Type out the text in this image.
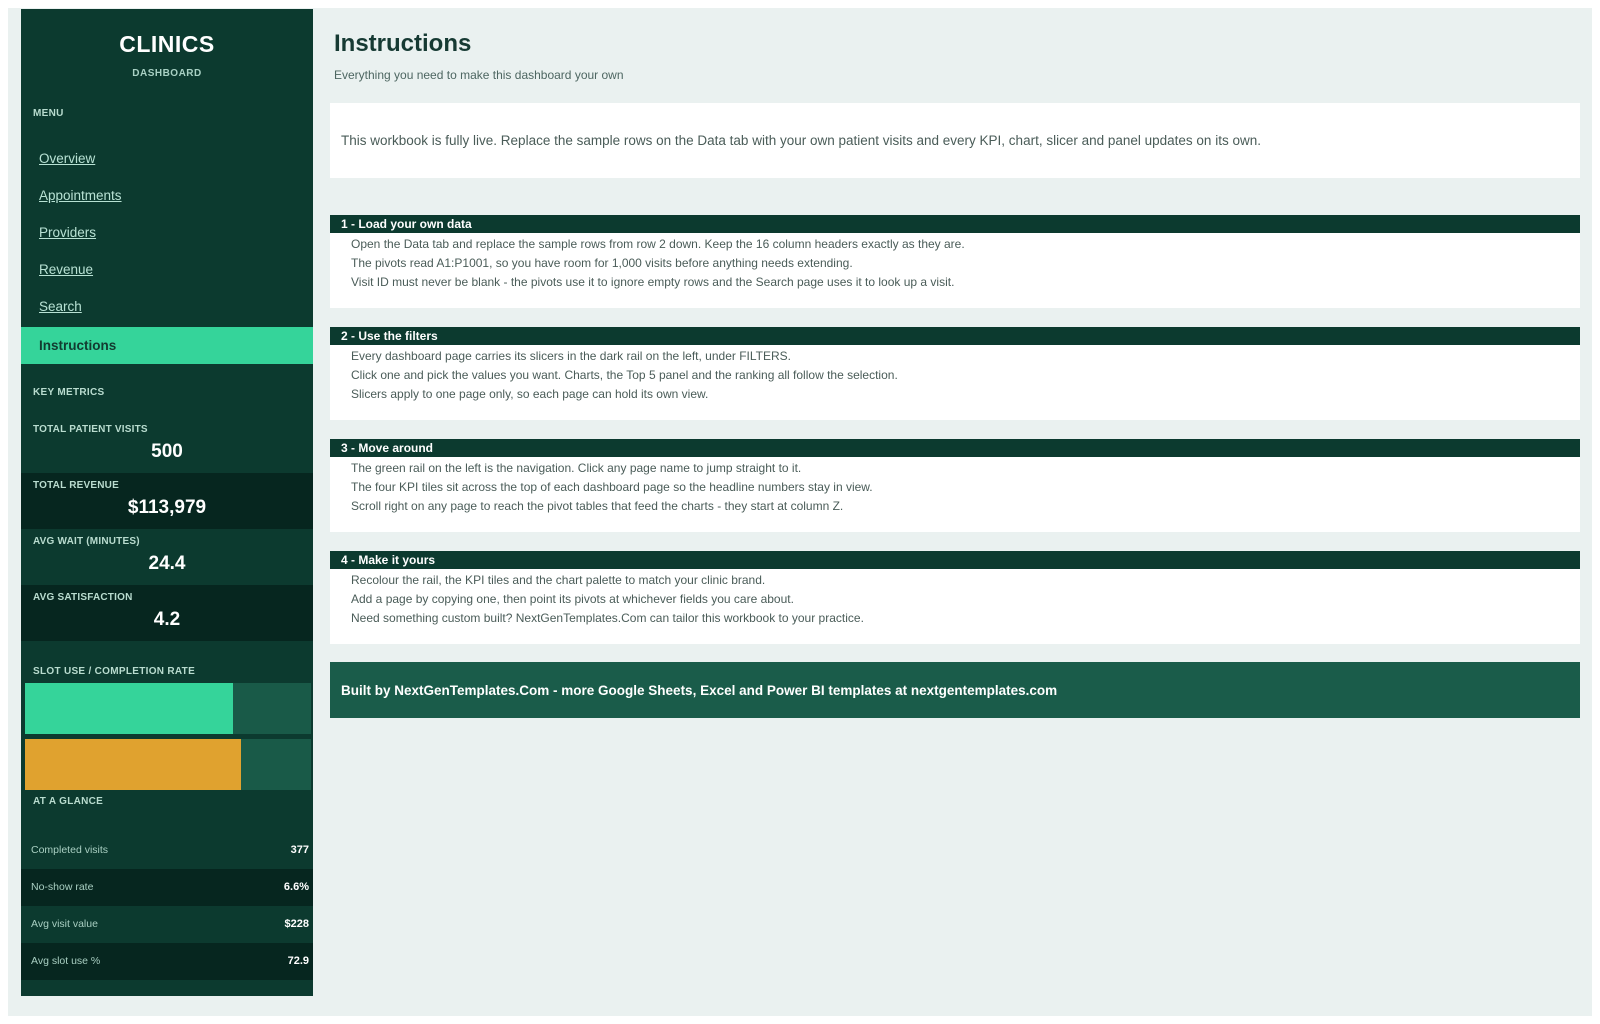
CLINICS
DASHBOARD
MENU
Overview
Appointments
Providers
Revenue
Search
Instructions
KEY METRICS
TOTAL PATIENT VISITS
500
TOTAL REVENUE
$113,979
AVG WAIT (MINUTES)
24.4
AVG SATISFACTION
4.2
SLOT USE / COMPLETION RATE
AT A GLANCE
Completed visits	377
No-show rate	6.6%
Avg visit value	$228
Avg slot use %	72.9
Instructions
Everything you need to make this dashboard your own
This workbook is fully live. Replace the sample rows on the Data tab with your own patient visits and every KPI, chart, slicer and panel updates on its own.
1 - Load your own data
Open the Data tab and replace the sample rows from row 2 down. Keep the 16 column headers exactly as they are.
The pivots read A1:P1001, so you have room for 1,000 visits before anything needs extending.
Visit ID must never be blank - the pivots use it to ignore empty rows and the Search page uses it to look up a visit.
2 - Use the filters
Every dashboard page carries its slicers in the dark rail on the left, under FILTERS.
Click one and pick the values you want. Charts, the Top 5 panel and the ranking all follow the selection.
Slicers apply to one page only, so each page can hold its own view.
3 - Move around
The green rail on the left is the navigation. Click any page name to jump straight to it.
The four KPI tiles sit across the top of each dashboard page so the headline numbers stay in view.
Scroll right on any page to reach the pivot tables that feed the charts - they start at column Z.
4 - Make it yours
Recolour the rail, the KPI tiles and the chart palette to match your clinic brand.
Add a page by copying one, then point its pivots at whichever fields you care about.
Need something custom built? NextGenTemplates.Com can tailor this workbook to your practice.
Built by NextGenTemplates.Com - more Google Sheets, Excel and Power BI templates at nextgentemplates.com
